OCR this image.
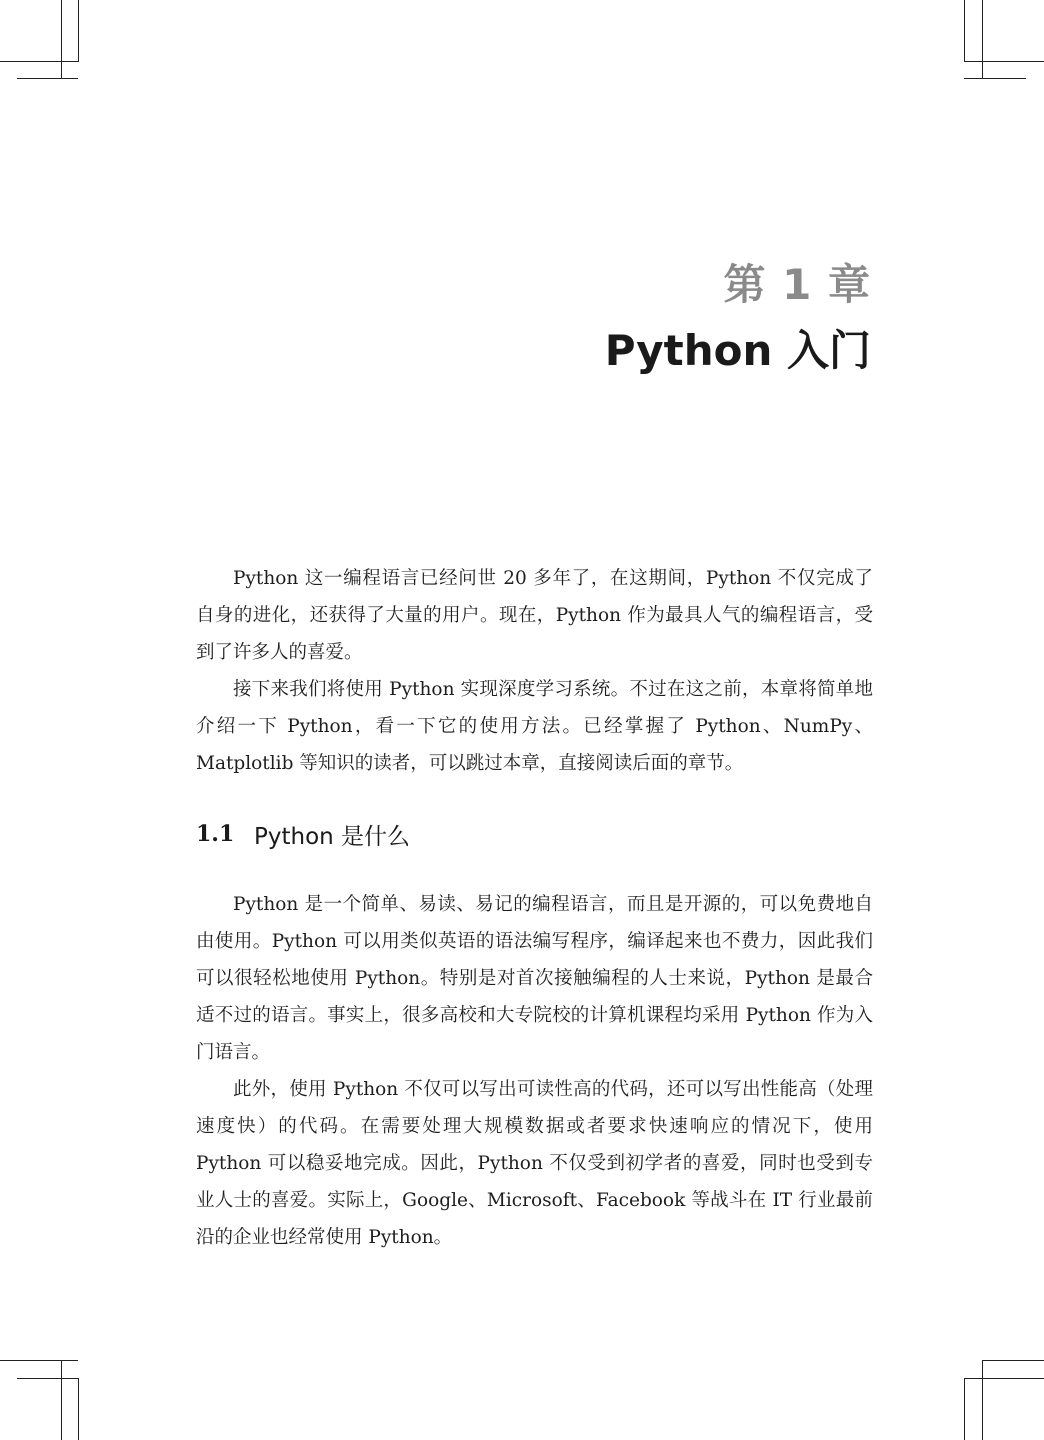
第 1 章
Python 入门

Python 这一编程语言已经问世 20 多年了，在这期间，Python 不仅完成了自身的进化，还获得了大量的用户。现在，Python 作为最具人气的编程语言，受到了许多人的喜爱。

接下来我们将使用 Python 实现深度学习系统。不过在这之前，本章将简单地介绍一下 Python，看一下它的使用方法。已经掌握了 Python、NumPy、Matplotlib 等知识的读者，可以跳过本章，直接阅读后面的章节。

1.1 Python 是什么

Python 是一个简单、易读、易记的编程语言，而且是开源的，可以免费地自由使用。Python 可以用类似英语的语法编写程序，编译起来也不费力，因此我们可以很轻松地使用 Python。特别是对首次接触编程的人士来说，Python 是最合适不过的语言。事实上，很多高校和大专院校的计算机课程均采用 Python 作为入门语言。

此外，使用 Python 不仅可以写出可读性高的代码，还可以写出性能高（处理速度快）的代码。在需要处理大规模数据或者要求快速响应的情况下，使用 Python 可以稳妥地完成。因此，Python 不仅受到初学者的喜爱，同时也受到专业人士的喜爱。实际上，Google、Microsoft、Facebook 等战斗在 IT 行业最前沿的企业也经常使用 Python。
